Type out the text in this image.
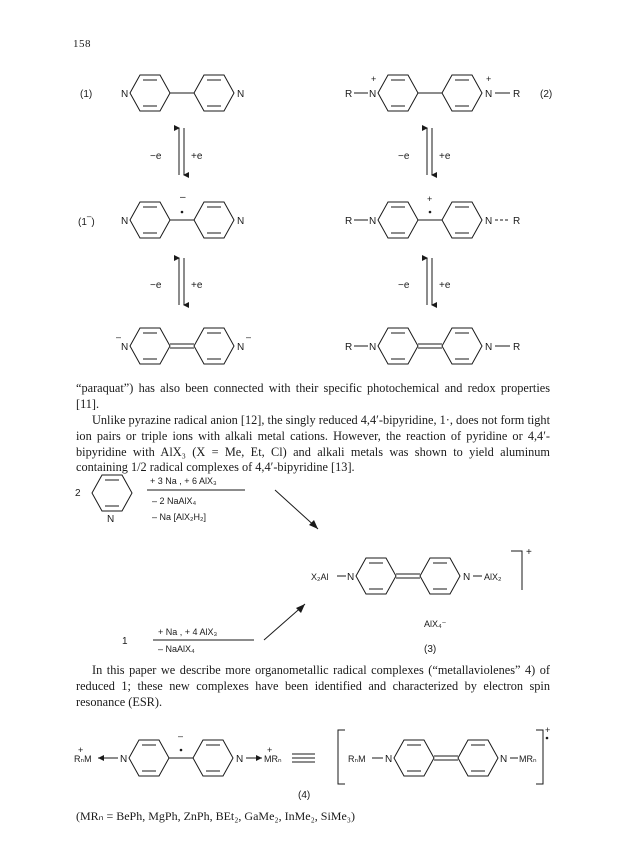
158
(1)	N	N	R N
+
N
+
R (2)
−e	+e	−e	+e
(1–)	N
–
N	R N
+
N R
−e	+e	−e	+e
–
N	N
–
R N	N R

“paraquat”) has also been connected with their specific photochemical and redox properties [11].

Unlike pyrazine radical anion [12], the singly reduced 4,4′-bipyridine, 1·, does not form tight ion pairs or triple ions with alkali metal cations. However, the reaction of pyridine or 4,4′-bipyridine with AlX₃ (X = Me, Et, Cl) and alkali metals was shown to yield aluminum containing 1/2 radical complexes of 4,4′-bipyridine [13].

2
N
+ 3 Na , + 6 AlX₃
– 2 NaAlX₄
– Na [AlX₂H₂]
X₂Al N	N AlX₂
+
AlX₄⁻
(3)
1
+ Na , + 4 AlX₃
– NaAlX₄

In this paper we describe more organometallic radical complexes (“metallaviolenes” 4) of reduced 1; these new complexes have been identified and characterized by electron spin resonance (ESR).

+
RₙM	N
–
N
+
MRₙ	RₙM N	N MRₙ
+
(4)
(MRₙ = BePh, MgPh, ZnPh, BEt₂, GaMe₂, InMe₂, SiMe₃)
